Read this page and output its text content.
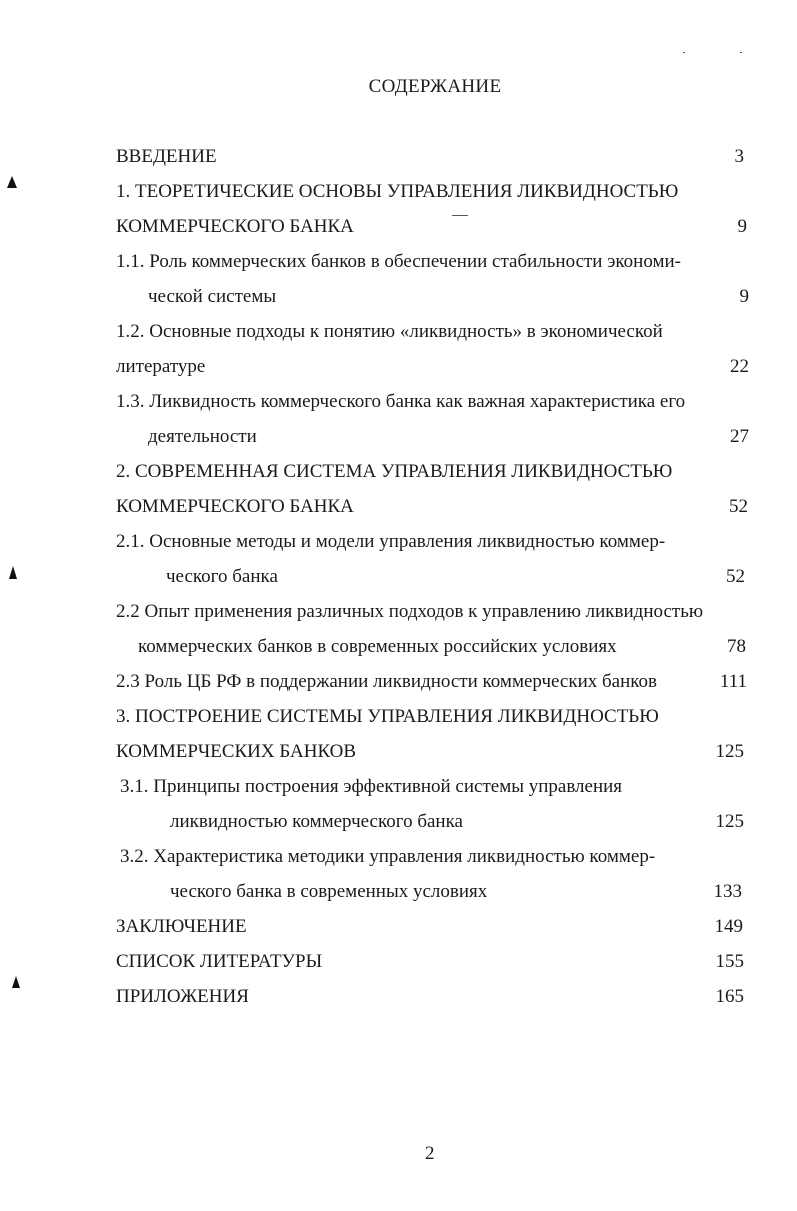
СОДЕРЖАНИЕ
ВВЕДЕНИЕ	3
1. ТЕОРЕТИЧЕСКИЕ ОСНОВЫ УПРАВЛЕНИЯ ЛИКВИДНОСТЬЮ
КОММЕРЧЕСКОГО БАНКА	9
1.1. Роль коммерческих банков в обеспечении стабильности экономи-
ческой системы	9
1.2. Основные подходы к понятию «ликвидность» в экономической
литературе	22
1.3. Ликвидность коммерческого банка как важная характеристика его
деятельности	27
2. СОВРЕМЕННАЯ СИСТЕМА УПРАВЛЕНИЯ ЛИКВИДНОСТЬЮ
КОММЕРЧЕСКОГО БАНКА	52
2.1. Основные методы и модели управления ликвидностью коммер-
ческого банка	52
2.2 Опыт применения различных подходов к управлению ликвидностью
коммерческих банков в современных российских условиях	78
2.3 Роль ЦБ РФ в поддержании ликвидности коммерческих банков	111
3. ПОСТРОЕНИЕ СИСТЕМЫ УПРАВЛЕНИЯ ЛИКВИДНОСТЬЮ
КОММЕРЧЕСКИХ БАНКОВ	125
3.1. Принципы построения эффективной системы управления
ликвидностью коммерческого банка	125
3.2. Характеристика методики управления ликвидностью коммер-
ческого банка в современных условиях	133
ЗАКЛЮЧЕНИЕ	149
СПИСОК ЛИТЕРАТУРЫ	155
ПРИЛОЖЕНИЯ	165
2
